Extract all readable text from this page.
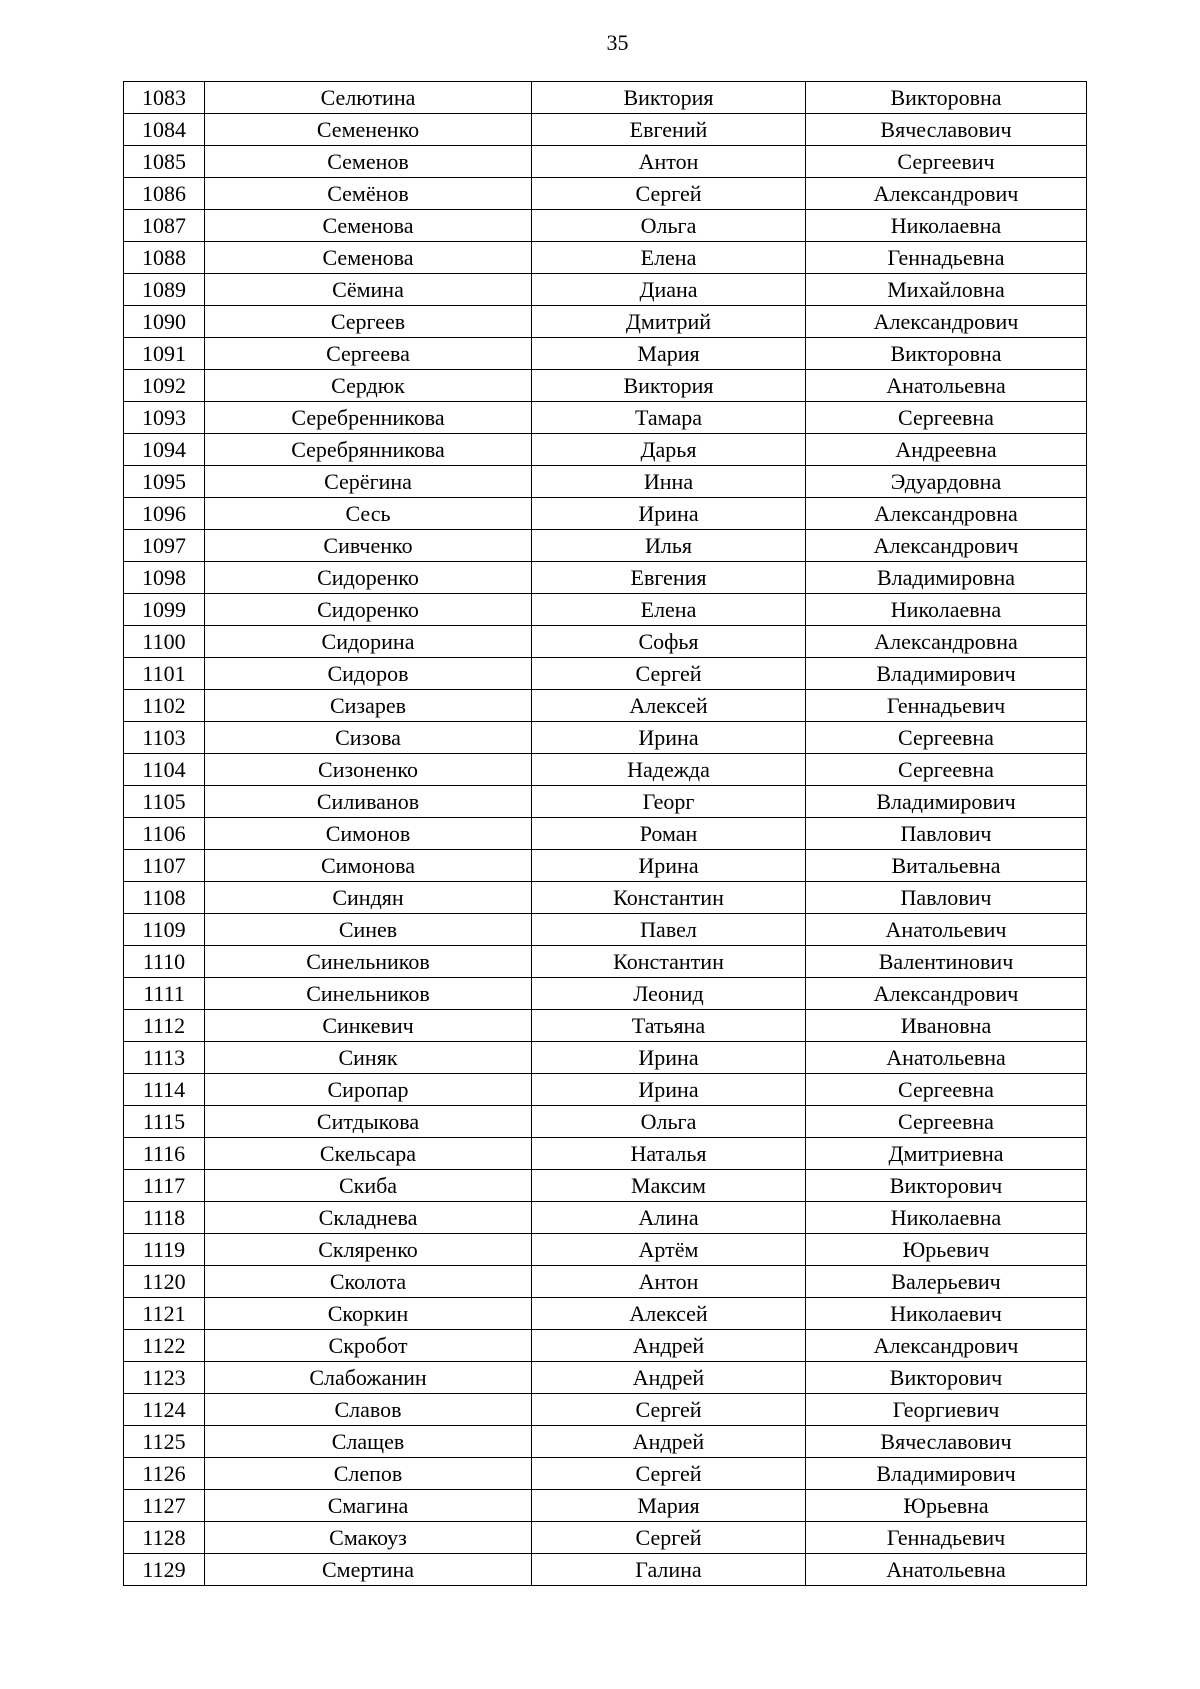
35
1083	Селютина	Виктория	Викторовна
1084	Семененко	Евгений	Вячеславович
1085	Семенов	Антон	Сергеевич
1086	Семёнов	Сергей	Александрович
1087	Семенова	Ольга	Николаевна
1088	Семенова	Елена	Геннадьевна
1089	Сёмина	Диана	Михайловна
1090	Сергеев	Дмитрий	Александрович
1091	Сергеева	Мария	Викторовна
1092	Сердюк	Виктория	Анатольевна
1093	Серебренникова	Тамара	Сергеевна
1094	Серебрянникова	Дарья	Андреевна
1095	Серёгина	Инна	Эдуардовна
1096	Сесь	Ирина	Александровна
1097	Сивченко	Илья	Александрович
1098	Сидоренко	Евгения	Владимировна
1099	Сидоренко	Елена	Николаевна
1100	Сидорина	Софья	Александровна
1101	Сидоров	Сергей	Владимирович
1102	Сизарев	Алексей	Геннадьевич
1103	Сизова	Ирина	Сергеевна
1104	Сизоненко	Надежда	Сергеевна
1105	Силиванов	Георг	Владимирович
1106	Симонов	Роман	Павлович
1107	Симонова	Ирина	Витальевна
1108	Синдян	Константин	Павлович
1109	Синев	Павел	Анатольевич
1110	Синельников	Константин	Валентинович
1111	Синельников	Леонид	Александрович
1112	Синкевич	Татьяна	Ивановна
1113	Синяк	Ирина	Анатольевна
1114	Сиропар	Ирина	Сергеевна
1115	Ситдыкова	Ольга	Сергеевна
1116	Скельсара	Наталья	Дмитриевна
1117	Скиба	Максим	Викторович
1118	Складнева	Алина	Николаевна
1119	Скляренко	Артём	Юрьевич
1120	Сколота	Антон	Валерьевич
1121	Скоркин	Алексей	Николаевич
1122	Скробот	Андрей	Александрович
1123	Слабожанин	Андрей	Викторович
1124	Славов	Сергей	Георгиевич
1125	Слащев	Андрей	Вячеславович
1126	Слепов	Сергей	Владимирович
1127	Смагина	Мария	Юрьевна
1128	Смакоуз	Сергей	Геннадьевич
1129	Смертина	Галина	Анатольевна
